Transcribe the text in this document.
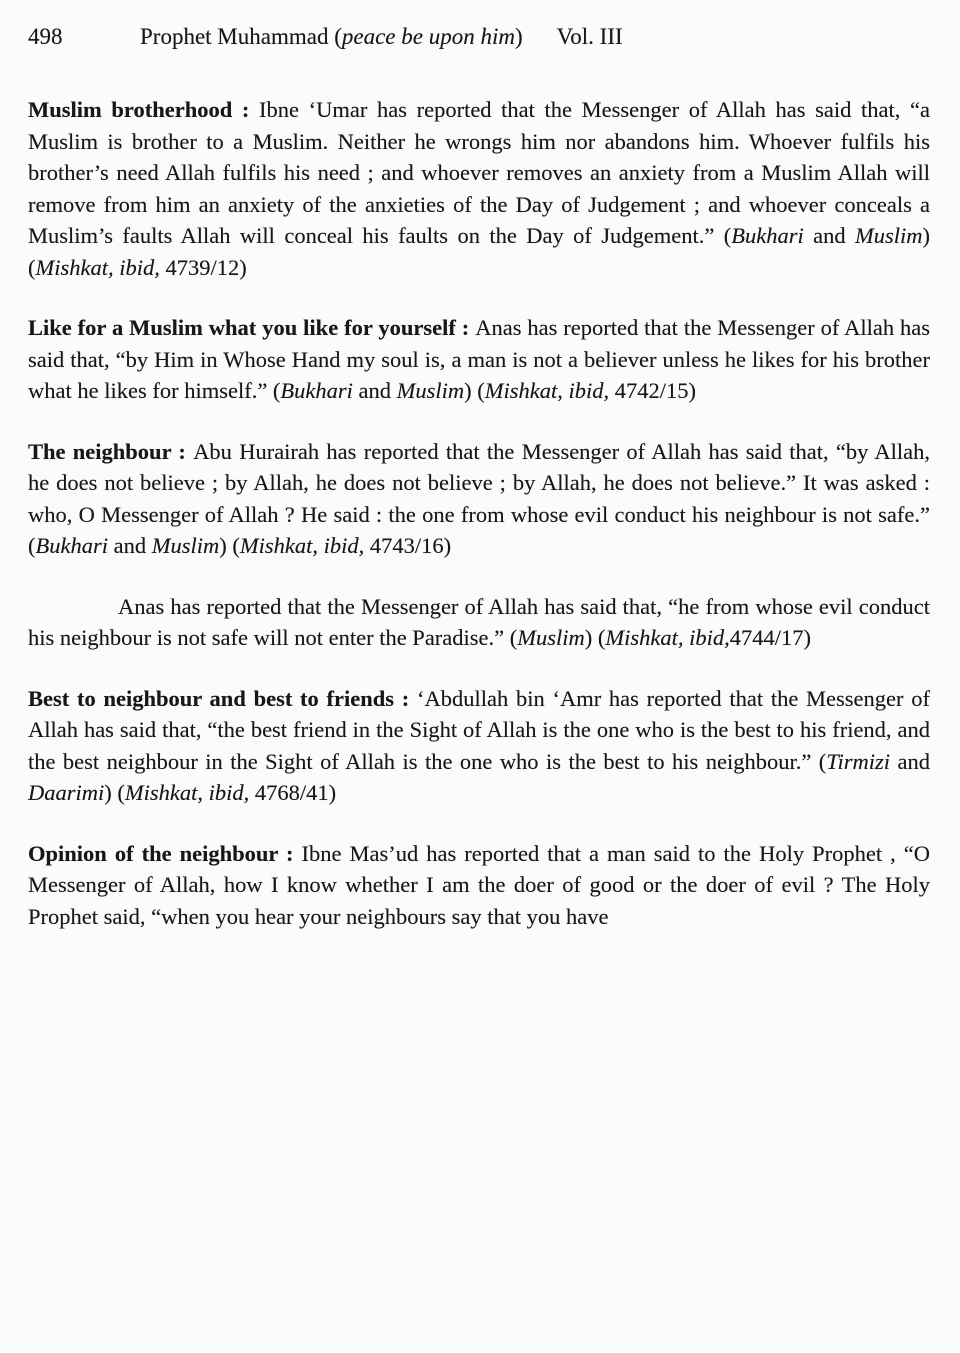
498	Prophet Muhammad (peace be upon him) Vol. III

Muslim brotherhood : Ibne ‘Umar has reported that the Messenger of Allah has said that, “a Muslim is brother to a Muslim. Neither he wrongs him nor abandons him. Whoever fulfils his brother’s need Allah fulfils his need ; and whoever removes an anxiety from a Muslim Allah will remove from him an anxiety of the anxieties of the Day of Judgement ; and whoever conceals a Muslim’s faults Allah will conceal his faults on the Day of Judgement.” (Bukhari and Muslim) (Mishkat, ibid, 4739/12)

Like for a Muslim what you like for yourself : Anas has reported that the Messenger of Allah has said that, “by Him in Whose Hand my soul is, a man is not a believer unless he likes for his brother what he likes for himself.” (Bukhari and Muslim) (Mishkat, ibid, 4742/15)

The neighbour : Abu Hurairah has reported that the Messenger of Allah has said that, “by Allah, he does not believe ; by Allah, he does not believe ; by Allah, he does not believe.” It was asked : who, O Messenger of Allah ? He said : the one from whose evil conduct his neighbour is not safe.” (Bukhari and Muslim) (Mishkat, ibid, 4743/16)

Anas has reported that the Messenger of Allah has said that, “he from whose evil conduct his neighbour is not safe will not enter the Paradise.” (Muslim) (Mishkat, ibid,4744/17)

Best to neighbour and best to friends : ‘Abdullah bin ‘Amr has reported that the Messenger of Allah has said that, “the best friend in the Sight of Allah is the one who is the best to his friend, and the best neighbour in the Sight of Allah is the one who is the best to his neighbour.” (Tirmizi and Daarimi) (Mishkat, ibid, 4768/41)

Opinion of the neighbour : Ibne Mas’ud has reported that a man said to the Holy Prophet , “O Messenger of Allah, how I know whether I am the doer of good or the doer of evil ? The Holy Prophet said, “when you hear your neighbours say that you have
